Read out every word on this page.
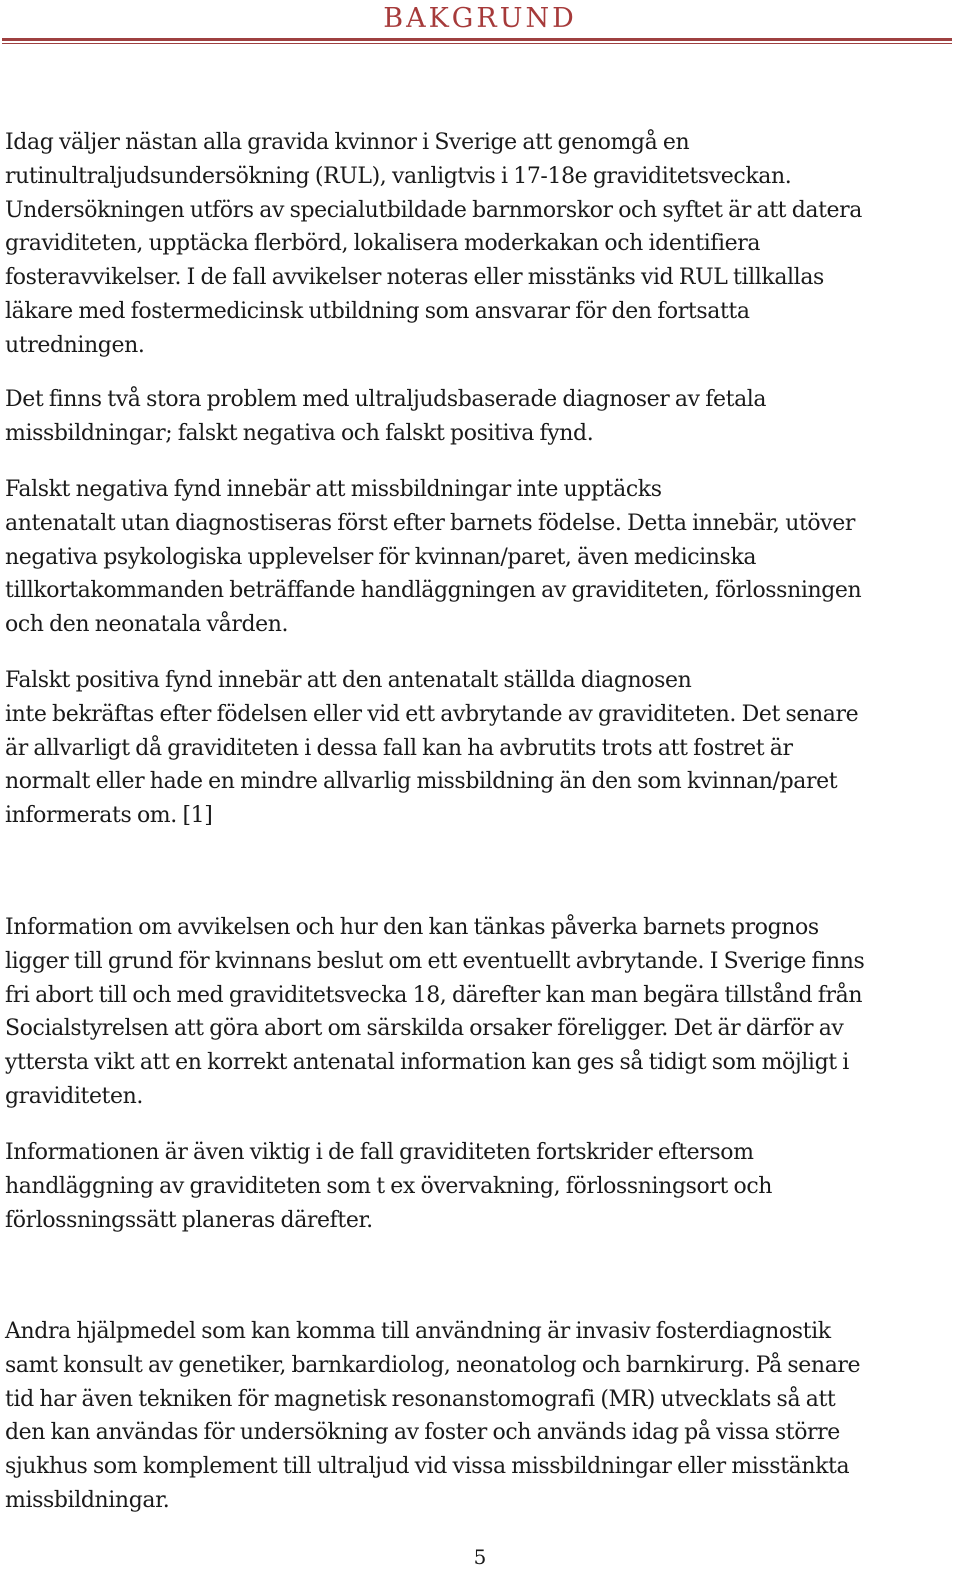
BAKGRUND

Idag väljer nästan alla gravida kvinnor i Sverige att genomgå en
rutinultraljudsundersökning (RUL), vanligtvis i 17-18e graviditetsveckan.
Undersökningen utförs av specialutbildade barnmorskor och syftet är att datera
graviditeten, upptäcka flerbörd, lokalisera moderkakan och identifiera
fosteravvikelser. I de fall avvikelser noteras eller misstänks vid RUL tillkallas
läkare med fostermedicinsk utbildning som ansvarar för den fortsatta
utredningen.

Det finns två stora problem med ultraljudsbaserade diagnoser av fetala
missbildningar; falskt negativa och falskt positiva fynd.

Falskt negativa fynd innebär att missbildningar inte upptäcks
antenatalt utan diagnostiseras först efter barnets födelse. Detta innebär, utöver
negativa psykologiska upplevelser för kvinnan/paret, även medicinska
tillkortakommanden beträffande handläggningen av graviditeten, förlossningen
och den neonatala vården.

Falskt positiva fynd innebär att den antenatalt ställda diagnosen
inte bekräftas efter födelsen eller vid ett avbrytande av graviditeten. Det senare
är allvarligt då graviditeten i dessa fall kan ha avbrutits trots att fostret är
normalt eller hade en mindre allvarlig missbildning än den som kvinnan/paret
informerats om. [1]

Information om avvikelsen och hur den kan tänkas påverka barnets prognos
ligger till grund för kvinnans beslut om ett eventuellt avbrytande. I Sverige finns
fri abort till och med graviditetsvecka 18, därefter kan man begära tillstånd från
Socialstyrelsen att göra abort om särskilda orsaker föreligger. Det är därför av
yttersta vikt att en korrekt antenatal information kan ges så tidigt som möjligt i
graviditeten.

Informationen är även viktig i de fall graviditeten fortskrider eftersom
handläggning av graviditeten som t ex övervakning, förlossningsort och
förlossningssätt planeras därefter.

Andra hjälpmedel som kan komma till användning är invasiv fosterdiagnostik
samt konsult av genetiker, barnkardiolog, neonatolog och barnkirurg. På senare
tid har även tekniken för magnetisk resonanstomografi (MR) utvecklats så att
den kan användas för undersökning av foster och används idag på vissa större
sjukhus som komplement till ultraljud vid vissa missbildningar eller misstänkta
missbildningar.

5
